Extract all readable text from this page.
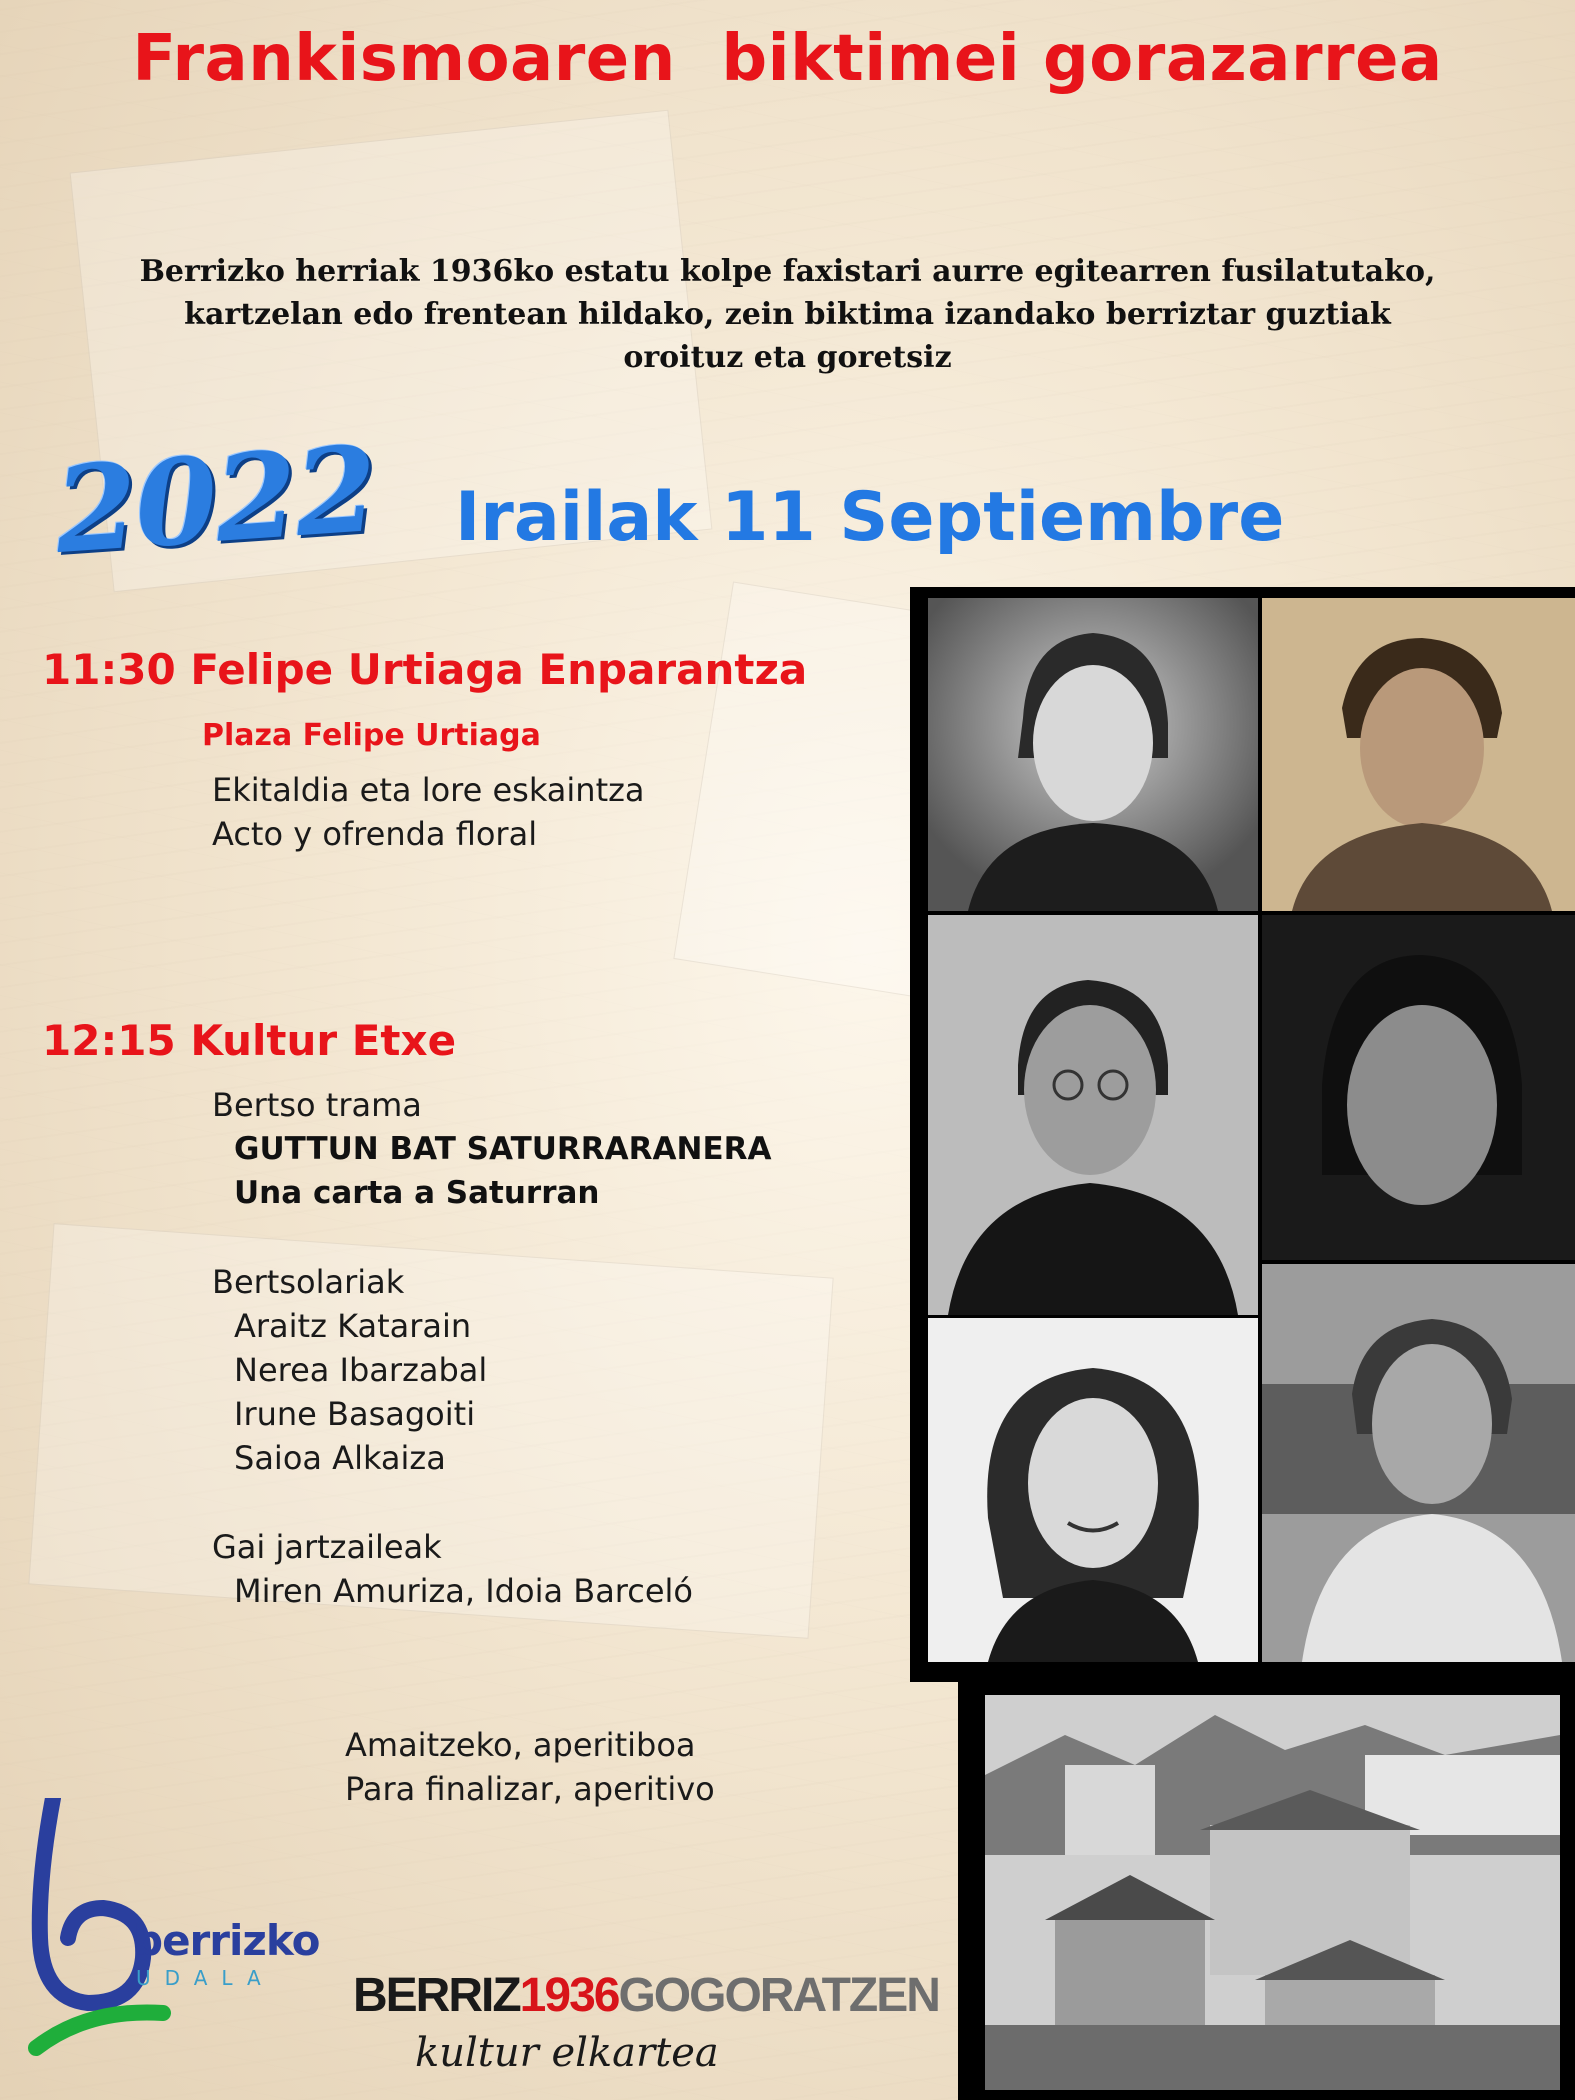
Frankismoaren  biktimei gorazarrea
Berrizko herriak 1936ko estatu kolpe faxistari aurre egitearren fusilatutako,
kartzelan edo frentean hildako, zein biktima izandako berriztar guztiak
oroituz eta goretsiz
2022 Irailak 11 Septiembre
11:30 Felipe Urtiaga Enparantza
Plaza Felipe Urtiaga
Ekitaldia eta lore eskaintza
Acto y ofrenda floral
12:15 Kultur Etxe
Bertso trama
GUTTUN BAT SATURRARANERA
Una carta a Saturran
Bertsolariak
Araitz Katarain
Nerea Ibarzabal
Irune Basagoiti
Saioa Alkaiza
Gai jartzaileak
Miren Amuriza, Idoia Barceló
Amaitzeko, aperitiboa
Para finalizar, aperitivo
berrizko
UDALA BERRIZ1936GOGORATZEN
kultur elkartea
